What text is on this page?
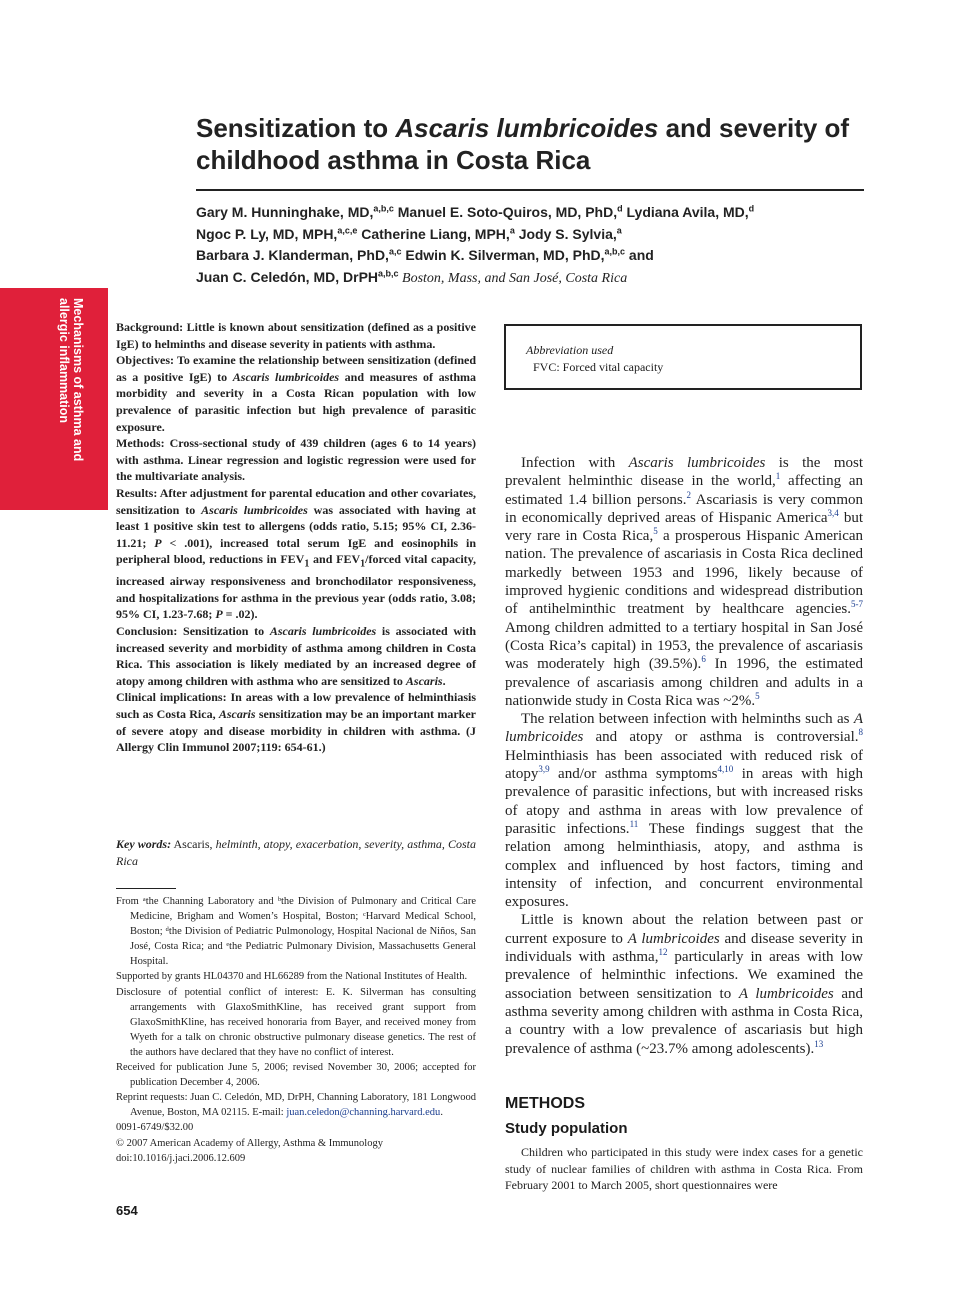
Sensitization to Ascaris lumbricoides and severity of childhood asthma in Costa Rica
Gary M. Hunninghake, MD,$^{a,b,c}$ Manuel E. Soto-Quiros, MD, PhD,$^d$ Lydiana Avila, MD,$^d$
Ngoc P. Ly, MD, MPH,$^{a,c,e}$ Catherine Liang, MPH,$^a$ Jody S. Sylvia,$^a$
Barbara J. Klanderman, PhD,$^{a,c}$ Edwin K. Silverman, MD, PhD,$^{a,b,c}$ and
Juan C. Celedón, MD, DrPH$^{a,b,c}$ Boston, Mass, and San José, Costa Rica
Mechanisms of asthma and allergic inflammation	Background: Little is known about sensitization (defined as a positive IgE) to helminths and disease severity in patients with asthma.

Objectives: To examine the relationship between sensitization (defined as a positive IgE) to Ascaris lumbricoides and measures of asthma morbidity and severity in a Costa Rican population with low prevalence of parasitic infection but high prevalence of parasitic exposure.

Methods: Cross-sectional study of 439 children (ages 6 to 14 years) with asthma. Linear regression and logistic regression were used for the multivariate analysis.

Results: After adjustment for parental education and other covariates, sensitization to Ascaris lumbricoides was associated with having at least 1 positive skin test to allergens (odds ratio, 5.15; 95% CI, 2.36-11.21; P < .001), increased total serum IgE and eosinophils in peripheral blood, reductions in $FEV_1$ and $FEV_1$/forced vital capacity, increased airway responsiveness and bronchodilator responsiveness, and hospitalizations for asthma in the previous year (odds ratio, 3.08; 95% CI, 1.23-7.68; P = .02).

Conclusion: Sensitization to Ascaris lumbricoides is associated with increased severity and morbidity of asthma among children in Costa Rica. This association is likely mediated by an increased degree of atopy among children with asthma who are sensitized to Ascaris.

Clinical implications: In areas with a low prevalence of helminthiasis such as Costa Rica, Ascaris sensitization may be an important marker of severe atopy and disease morbidity in children with asthma. (J Allergy Clin Immunol 2007;119: 654-61.)

Key words: Ascaris, helminth, atopy, exacerbation, severity, asthma, Costa Rica

From ᵃthe Channing Laboratory and ᵇthe Division of Pulmonary and Critical Care Medicine, Brigham and Women’s Hospital, Boston; ᶜHarvard Medical School, Boston; ᵈthe Division of Pediatric Pulmonology, Hospital Nacional de Niños, San José, Costa Rica; and ᵉthe Pediatric Pulmonary Division, Massachusetts General Hospital.

Supported by grants HL04370 and HL66289 from the National Institutes of Health.

Disclosure of potential conflict of interest: E. K. Silverman has consulting arrangements with GlaxoSmithKline, has received grant support from GlaxoSmithKline, has received honoraria from Bayer, and received money from Wyeth for a talk on chronic obstructive pulmonary disease genetics. The rest of the authors have declared that they have no conflict of interest.

Received for publication June 5, 2006; revised November 30, 2006; accepted for publication December 4, 2006.

Reprint requests: Juan C. Celedón, MD, DrPH, Channing Laboratory, 181 Longwood Avenue, Boston, MA 02115. E-mail: juan.celedon@channing.harvard.edu.

0091-6749/$32.00

© 2007 American Academy of Allergy, Asthma & Immunology

doi:10.1016/j.jaci.2006.12.609

654
Abbreviation used
FVC: Forced vital capacity

Infection with Ascaris lumbricoides is the most prevalent helminthic disease in the world,$^1$ affecting an estimated 1.4 billion persons.$^2$ Ascariasis is very common in economically deprived areas of Hispanic America$^{3,4}$ but very rare in Costa Rica,$^5$ a prosperous Hispanic American nation. The prevalence of ascariasis in Costa Rica declined markedly between 1953 and 1996, likely because of improved hygienic conditions and widespread distribution of antihelminthic treatment by healthcare agencies.$^{5-7}$ Among children admitted to a tertiary hospital in San José (Costa Rica’s capital) in 1953, the prevalence of ascariasis was moderately high (39.5%).$^6$ In 1996, the estimated prevalence of ascariasis among children and adults in a nationwide study in Costa Rica was ~2%.$^5$

The relation between infection with helminths such as A lumbricoides and atopy or asthma is controversial.$^8$ Helminthiasis has been associated with reduced risk of atopy$^{3,9}$ and/or asthma symptoms$^{4,10}$ in areas with high prevalence of parasitic infections, but with increased risks of atopy and asthma in areas with low prevalence of parasitic infections.$^{11}$ These findings suggest that the relation among helminthiasis, atopy, and asthma is complex and influenced by host factors, timing and intensity of infection, and concurrent environmental exposures.

Little is known about the relation between past or current exposure to A lumbricoides and disease severity in individuals with asthma,$^{12}$ particularly in areas with low prevalence of helminthic infections. We examined the association between sensitization to A lumbricoides and asthma severity among children with asthma in Costa Rica, a country with a low prevalence of ascariasis but high prevalence of asthma (~23.7% among adolescents).$^{13}$

METHODS
Study population
Children who participated in this study were index cases for a genetic study of nuclear families of children with asthma in Costa Rica. From February 2001 to March 2005, short questionnaires were
